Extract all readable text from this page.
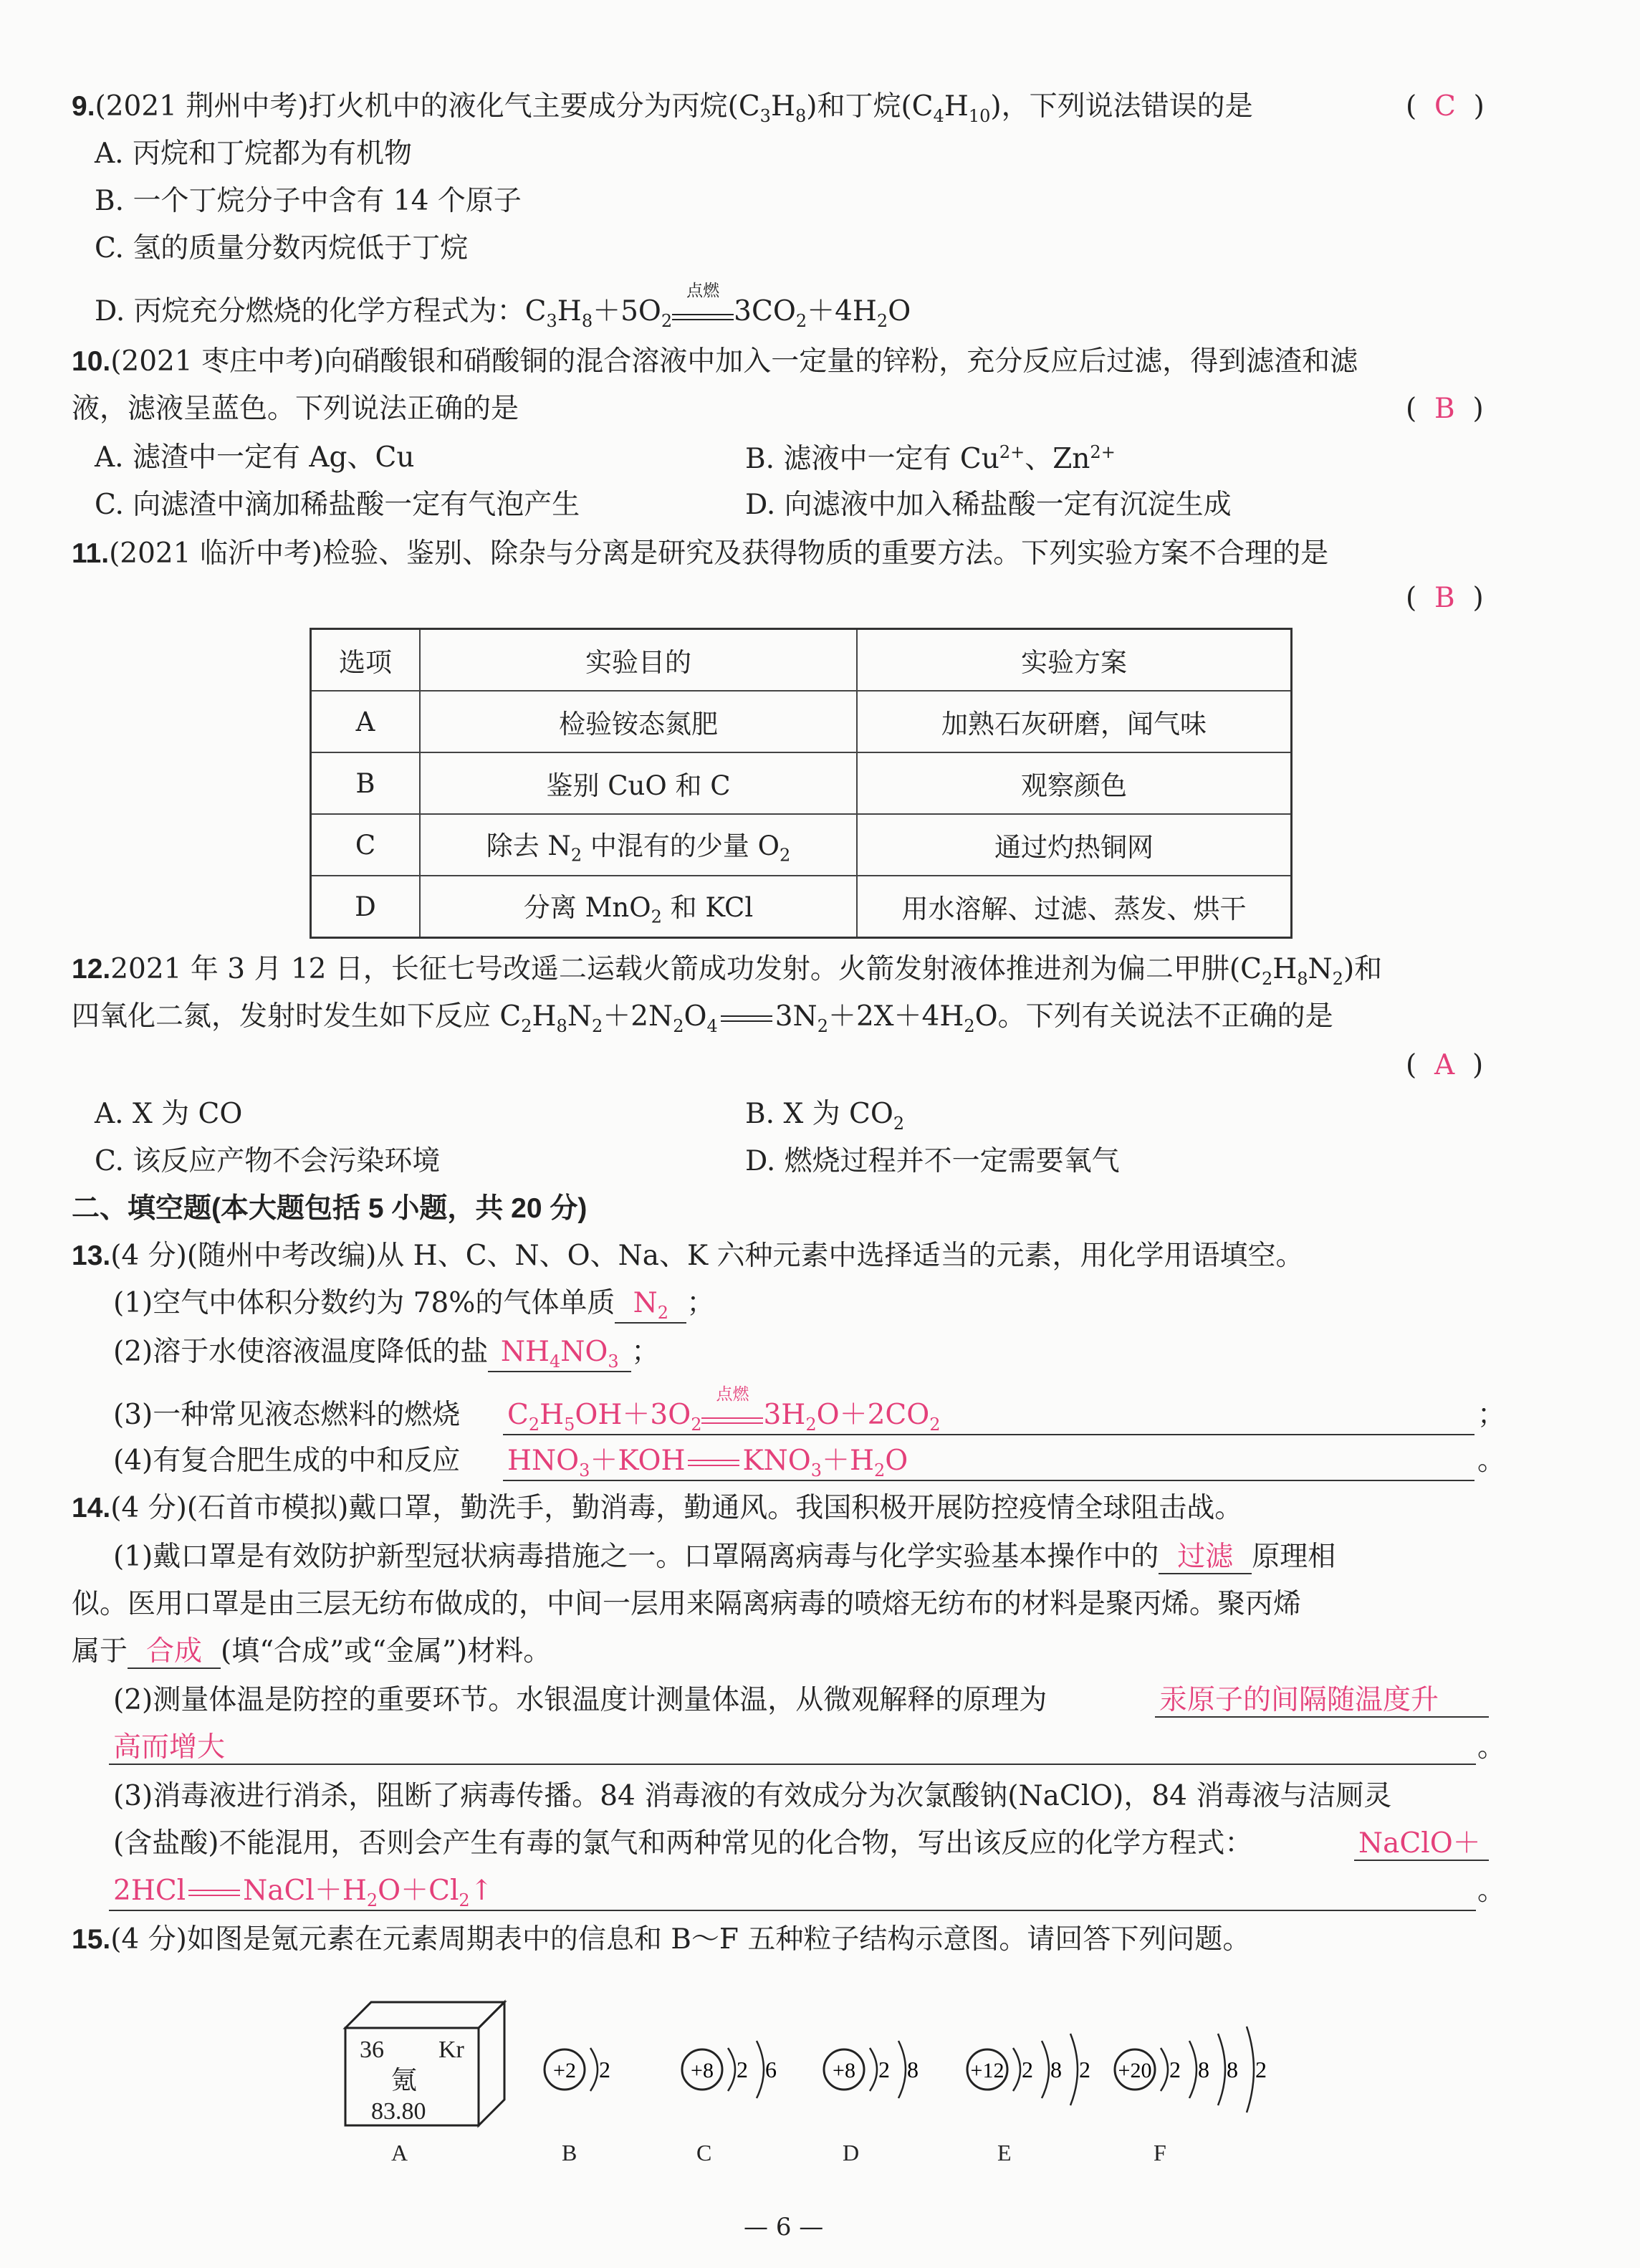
9.(2021 荆州中考)打火机中的液化气主要成分为丙烷$(C_3H_8)$和丁烷$(C_4H_{10})$，下列说法错误的是	(  C  )
A. 丙烷和丁烷都为有机物
B. 一个丁烷分子中含有 14 个原子
C. 氢的质量分数丙烷低于丁烷
D. 丙烷充分燃烧的化学方程式为：$C_3H_8+5O_2$
点燃
$3CO_2+4H_2O$
10.(2021 枣庄中考)向硝酸银和硝酸铜的混合溶液中加入一定量的锌粉，充分反应后过滤，得到滤渣和滤
液，滤液呈蓝色。下列说法正确的是	(  B  )
A. 滤渣中一定有 Ag、Cu	B. 滤液中一定有 $Cu^{2+}$、$Zn^{2+}$
C. 向滤渣中滴加稀盐酸一定有气泡产生	D. 向滤液中加入稀盐酸一定有沉淀生成
11.(2021 临沂中考)检验、鉴别、除杂与分离是研究及获得物质的重要方法。下列实验方案不合理的是
(  B  )
选项	实验目的	实验方案
A	检验铵态氮肥	加熟石灰研磨，闻气味
B	鉴别 CuO 和 C	观察颜色
C	除去 $N_2$ 中混有的少量 $O_2$	通过灼热铜网
D	分离 MnO$_2$ 和 KCl	用水溶解、过滤、蒸发、烘干
12.2021 年 3 月 12 日，长征七号改遥二运载火箭成功发射。火箭发射液体推进剂为偏二甲肼$(C_2H_8N_2)$和
四氧化二氮，发射时发生如下反应 $C_2H_8N_2+2N_2O_4$ $3N_2+2X+4H_2O$。下列有关说法不正确的是
(  A  )
A. X 为 CO	B. X 为 $CO_2$
C. 该反应产物不会污染环境	D. 燃烧过程并不一定需要氧气
二、填空题(本大题包括 5 小题，共 20 分)
13.(4 分)(随州中考改编)从 H、C、N、O、Na、K 六种元素中选择适当的元素，用化学用语填空。
(1)空气中体积分数约为 78%的气体单质 $N_2$ ；
(2)溶于水使溶液温度降低的盐 $NH_4NO_3$ ；
(3)一种常见液态燃料的燃烧 $C_2H_5OH+3O_2$
点燃
$3H_2O+2CO_2$	；
(4)有复合肥生成的中和反应 $HNO_3+KOH$ $KNO_3+H_2O$	。
14.(4 分)(石首市模拟)戴口罩，勤洗手，勤消毒，勤通风。我国积极开展防控疫情全球阻击战。
(1)戴口罩是有效防护新型冠状病毒措施之一。口罩隔离病毒与化学实验基本操作中的 过滤 原理相
似。医用口罩是由三层无纺布做成的，中间一层用来隔离病毒的喷熔无纺布的材料是聚丙烯。聚丙烯
属于 合成 (填“合成”或“金属”)材料。
(2)测量体温是防控的重要环节。水银温度计测量体温，从微观解释的原理为	汞原子的间隔随温度升
高而增大	。
(3)消毒液进行消杀，阻断了病毒传播。84 消毒液的有效成分为次氯酸钠(NaClO)，84 消毒液与洁厕灵
(含盐酸)不能混用，否则会产生有毒的氯气和两种常见的化合物，写出该反应的化学方程式：	NaClO＋
2HCl $NaCl+H_2O+Cl_2↑$	。
15.(4 分)如图是氪元素在元素周期表中的信息和 B～F 五种粒子结构示意图。请回答下列问题。
36 Kr
氪
83.80
A
+2 2
B
+8 2 6
C
+8 2 8
D
+12 2 8 2
E
+20 2 8 8 2
F
— 6 —
